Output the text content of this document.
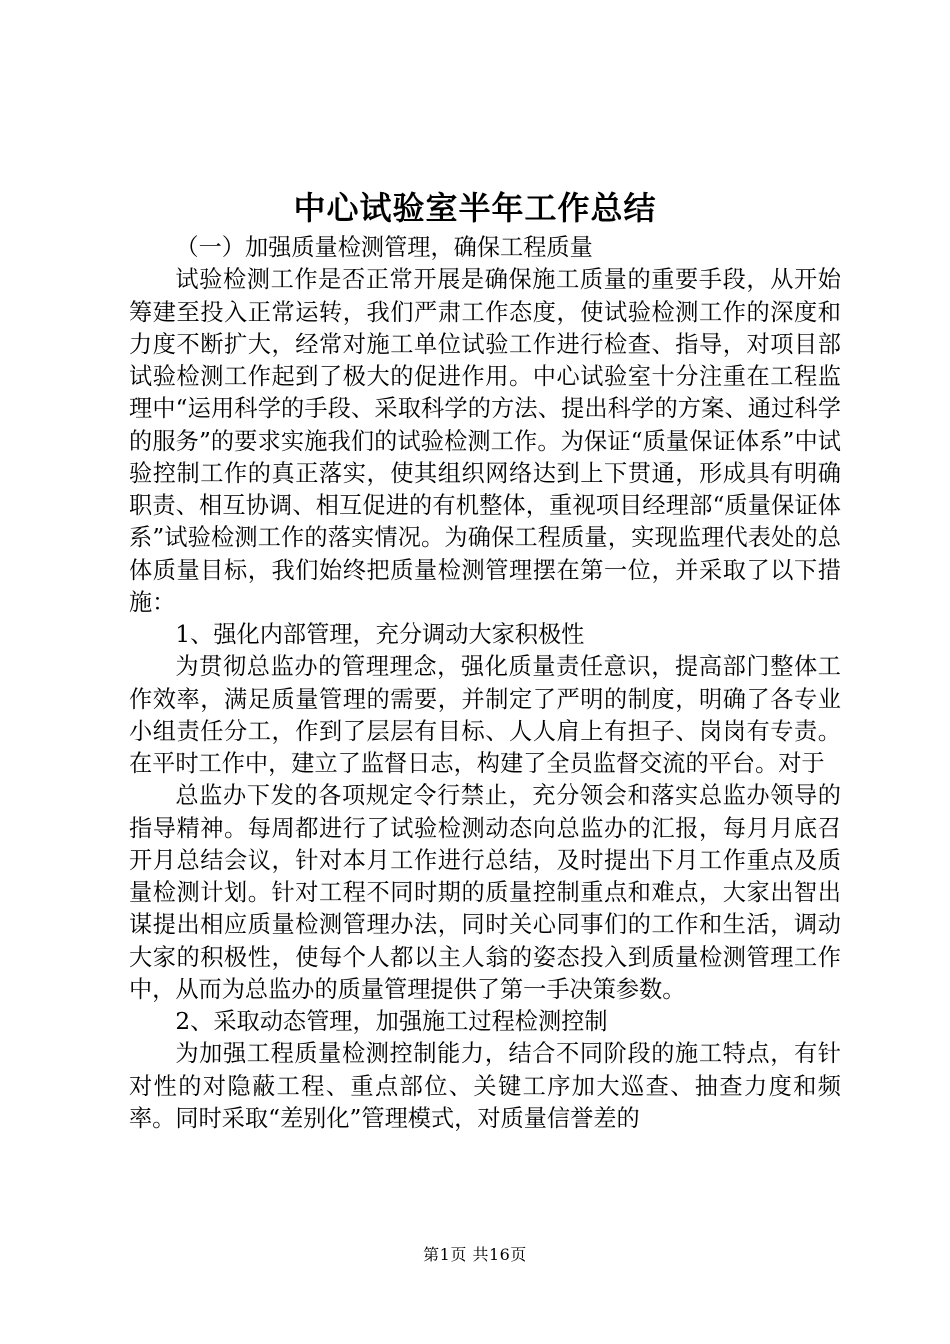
中心试验室半年工作总结

（一）加强质量检测管理，确保工程质量

试验检测工作是否正常开展是确保施工质量的重要手段，从开始筹建至投入正常运转，我们严肃工作态度，使试验检测工作的深度和力度不断扩大，经常对施工单位试验工作进行检查、指导，对项目部试验检测工作起到了极大的促进作用。中心试验室十分注重在工程监理中“运用科学的手段、采取科学的方法、提出科学的方案、通过科学的服务”的要求实施我们的试验检测工作。为保证“质量保证体系”中试验控制工作的真正落实，使其组织网络达到上下贯通，形成具有明确职责、相互协调、相互促进的有机整体，重视项目经理部“质量保证体系”试验检测工作的落实情况。为确保工程质量，实现监理代表处的总体质量目标，我们始终把质量检测管理摆在第一位，并采取了以下措施：

1、强化内部管理，充分调动大家积极性

为贯彻总监办的管理理念，强化质量责任意识，提高部门整体工作效率，满足质量管理的需要，并制定了严明的制度，明确了各专业小组责任分工，作到了层层有目标、人人肩上有担子、岗岗有专责。在平时工作中，建立了监督日志，构建了全员监督交流的平台。对于

总监办下发的各项规定令行禁止，充分领会和落实总监办领导的指导精神。每周都进行了试验检测动态向总监办的汇报，每月月底召开月总结会议，针对本月工作进行总结，及时提出下月工作重点及质量检测计划。针对工程不同时期的质量控制重点和难点，大家出智出谋提出相应质量检测管理办法，同时关心同事们的工作和生活，调动大家的积极性，使每个人都以主人翁的姿态投入到质量检测管理工作中，从而为总监办的质量管理提供了第一手决策参数。

2、采取动态管理，加强施工过程检测控制

为加强工程质量检测控制能力，结合不同阶段的施工特点，有针对性的对隐蔽工程、重点部位、关键工序加大巡查、抽查力度和频率。同时采取“差别化”管理模式，对质量信誉差的

第1页 共16页
